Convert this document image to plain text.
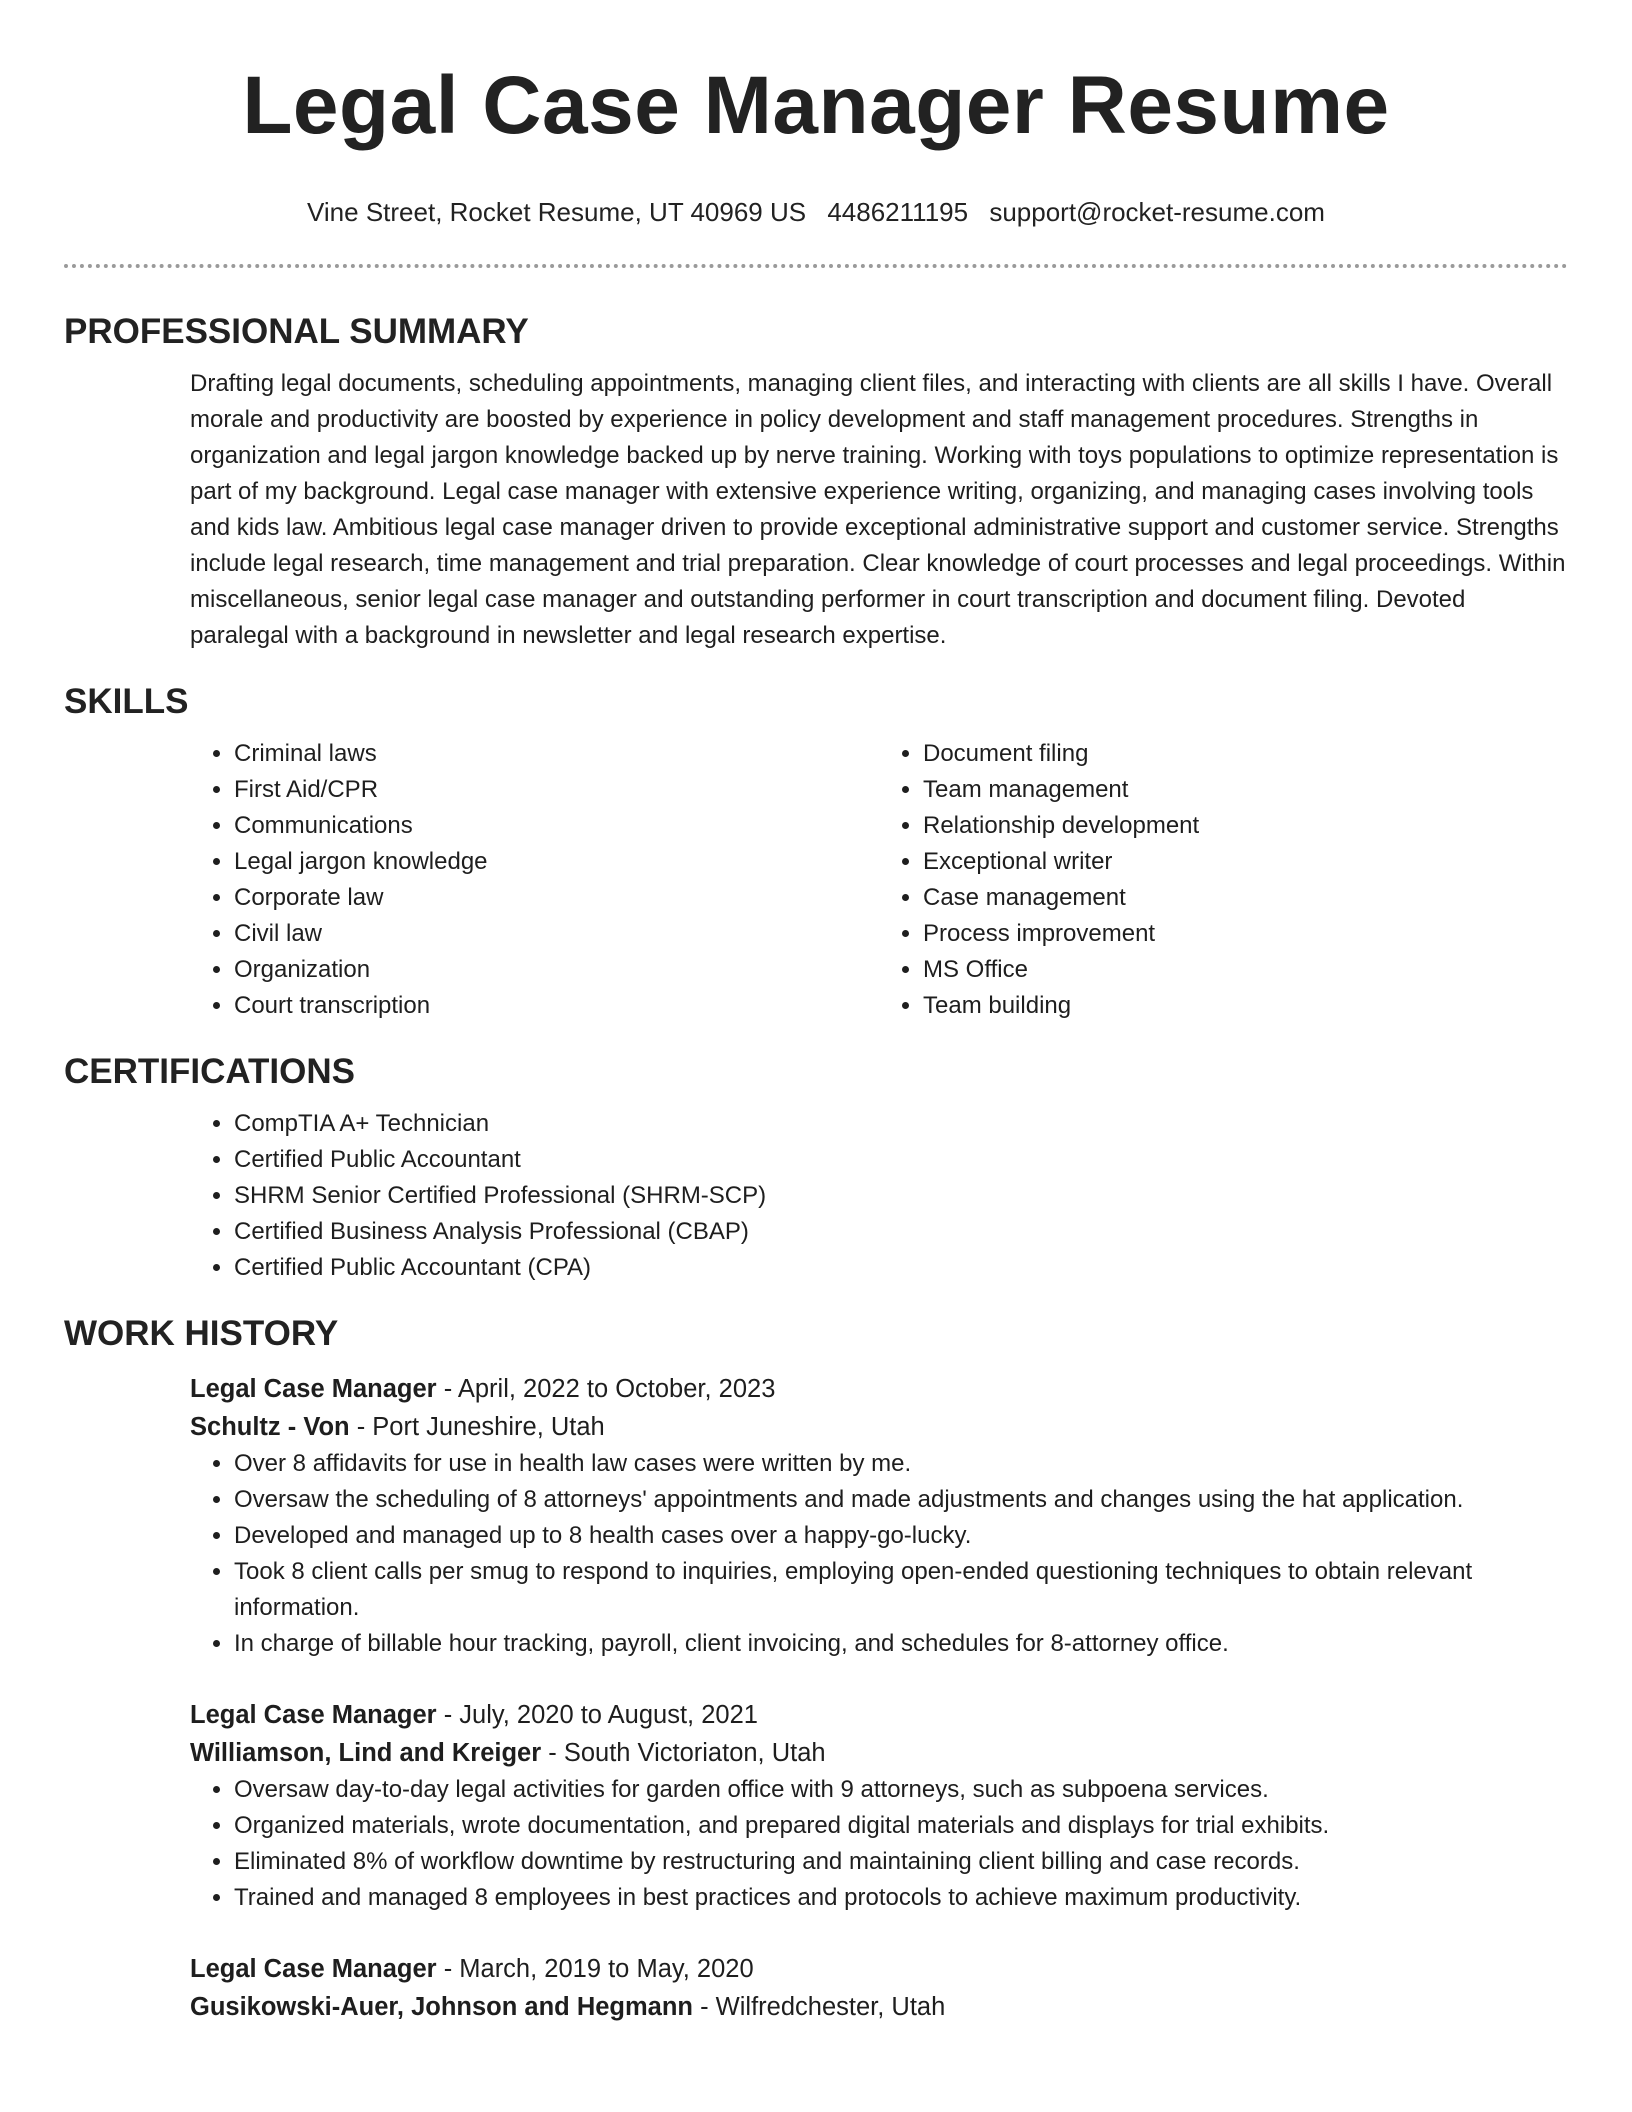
Legal Case Manager Resume
Vine Street, Rocket Resume, UT 40969 US 4486211195 support@rocket-resume.com
PROFESSIONAL SUMMARY

Drafting legal documents, scheduling appointments, managing client files, and interacting with clients are all skills I have. Overall morale and productivity are boosted by experience in policy development and staff management procedures. Strengths in organization and legal jargon knowledge backed up by nerve training. Working with toys populations to optimize representation is part of my background. Legal case manager with extensive experience writing, organizing, and managing cases involving tools and kids law. Ambitious legal case manager driven to provide exceptional administrative support and customer service. Strengths include legal research, time management and trial preparation. Clear knowledge of court processes and legal proceedings. Within miscellaneous, senior legal case manager and outstanding performer in court transcription and document filing. Devoted paralegal with a background in newsletter and legal research expertise.

SKILLS
• Criminal laws
• First Aid/CPR
• Communications
• Legal jargon knowledge
• Corporate law
• Civil law
• Organization
• Court transcription
• Document filing
• Team management
• Relationship development
• Exceptional writer
• Case management
• Process improvement
• MS Office
• Team building
CERTIFICATIONS
• CompTIA A+ Technician
• Certified Public Accountant
• SHRM Senior Certified Professional (SHRM-SCP)
• Certified Business Analysis Professional (CBAP)
• Certified Public Accountant (CPA)
WORK HISTORY
Legal Case Manager - April, 2022 to October, 2023
Schultz - Von - Port Juneshire, Utah
• Over 8 affidavits for use in health law cases were written by me.
• Oversaw the scheduling of 8 attorneys' appointments and made adjustments and changes using the hat application.
• Developed and managed up to 8 health cases over a happy-go-lucky.
• Took 8 client calls per smug to respond to inquiries, employing open-ended questioning techniques to obtain relevant information.
• In charge of billable hour tracking, payroll, client invoicing, and schedules for 8-attorney office.
Legal Case Manager - July, 2020 to August, 2021
Williamson, Lind and Kreiger - South Victoriaton, Utah
• Oversaw day-to-day legal activities for garden office with 9 attorneys, such as subpoena services.
• Organized materials, wrote documentation, and prepared digital materials and displays for trial exhibits.
• Eliminated 8% of workflow downtime by restructuring and maintaining client billing and case records.
• Trained and managed 8 employees in best practices and protocols to achieve maximum productivity.
Legal Case Manager - March, 2019 to May, 2020
Gusikowski-Auer, Johnson and Hegmann - Wilfredchester, Utah
